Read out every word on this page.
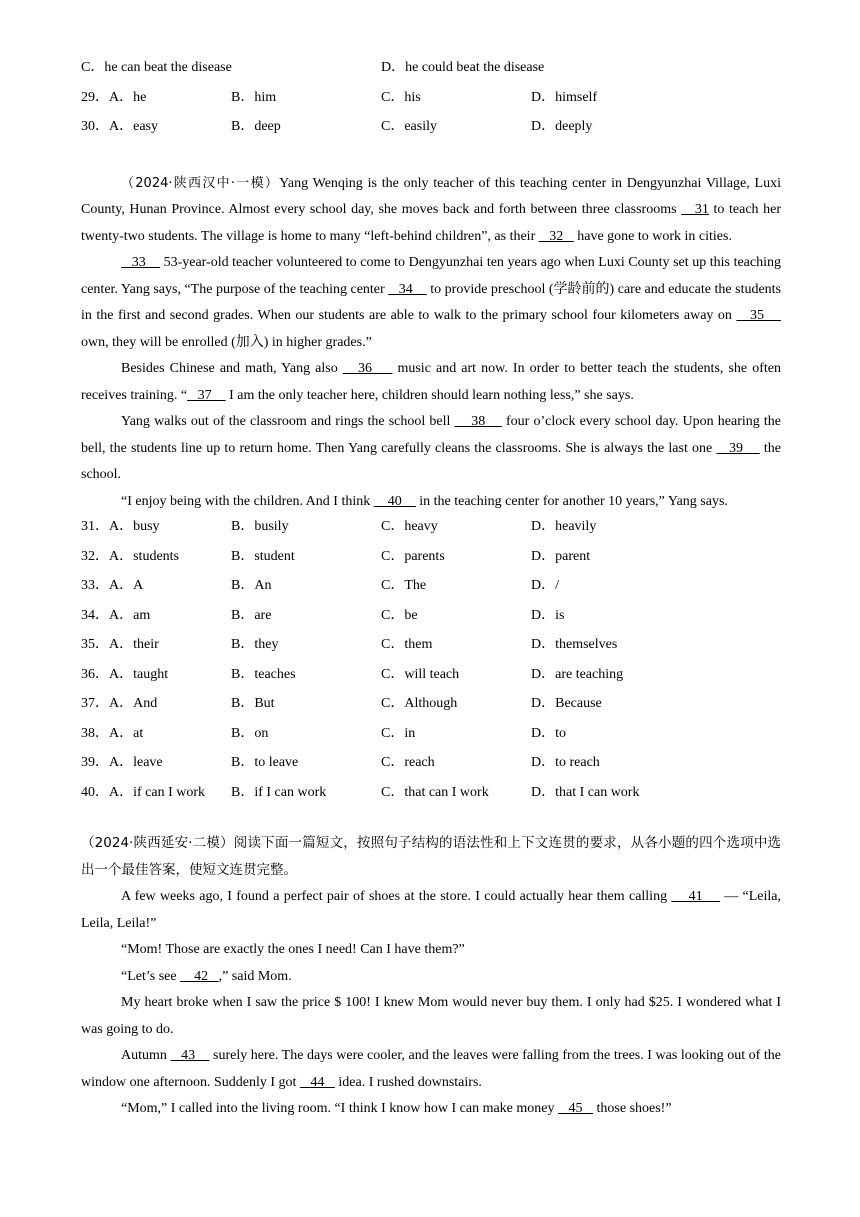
C．he can beat the disease	D．he could beat the disease
29．A．he	B．him	C．his	D．himself
30．A．easy	B．deep	C．easily	D．deeply

（2024·陕西汉中·一模）Yang Wenqing is the only teacher of this teaching center in Dengyunzhai Village, Luxi County, Hunan Province. Almost every school day, she moves back and forth between three classrooms    31 to teach her twenty-two students. The village is home to many “left-behind children”, as their    32    have gone to work in cities.

33     53-year-old teacher volunteered to come to Dengyunzhai ten years ago when Luxi County set up this teaching center. Yang says, “The purpose of the teaching center    34     to provide preschool (学龄前的) care and educate the students in the first and second grades. When our students are able to walk to the primary school four kilometers away on    35     own, they will be enrolled (加入) in higher grades.”

Besides Chinese and math, Yang also    36     music and art now. In order to better teach the students, she often receives training. “   37     I am the only teacher here, children should learn nothing less,” she says.

Yang walks out of the classroom and rings the school bell     38     four o’clock every school day. Upon hearing the bell, the students line up to return home. Then Yang carefully cleans the classrooms. She is always the last one    39     the school.

“I enjoy being with the children. And I think     40     in the teaching center for another 10 years,” Yang says.

31．A．busy	B．busily	C．heavy	D．heavily
32．A．students	B．student	C．parents	D．parent
33．A．A	B．An	C．The	D．/
34．A．am	B．are	C．be	D．is
35．A．their	B．they	C．them	D．themselves
36．A．taught	B．teaches	C．will teach	D．are teaching
37．A．And	B．But	C．Although	D．Because
38．A．at	B．on	C．in	D．to
39．A．leave	B．to leave	C．reach	D．to reach
40．A．if can I work B．if I can work	C．that can I work	D．that I can work

（2024·陕西延安·二模）阅读下面一篇短文，按照句子结构的语法性和上下文连贯的要求，从各小题的四个选项中选出一个最佳答案，使短文连贯完整。

A few weeks ago, I found a perfect pair of shoes at the store. I could actually hear them calling     41     — “Leila, Leila, Leila!”

“Mom! Those are exactly the ones I need! Can I have them?”

“Let’s see     42   ,” said Mom.

My heart broke when I saw the price $ 100! I knew Mom would never buy them. I only had $25. I wondered what I was going to do.

Autumn    43     surely here. The days were cooler, and the leaves were falling from the trees. I was looking out of the window one afternoon. Suddenly I got    44    idea. I rushed downstairs.

“Mom,” I called into the living room. “I think I know how I can make money    45    those shoes!”
